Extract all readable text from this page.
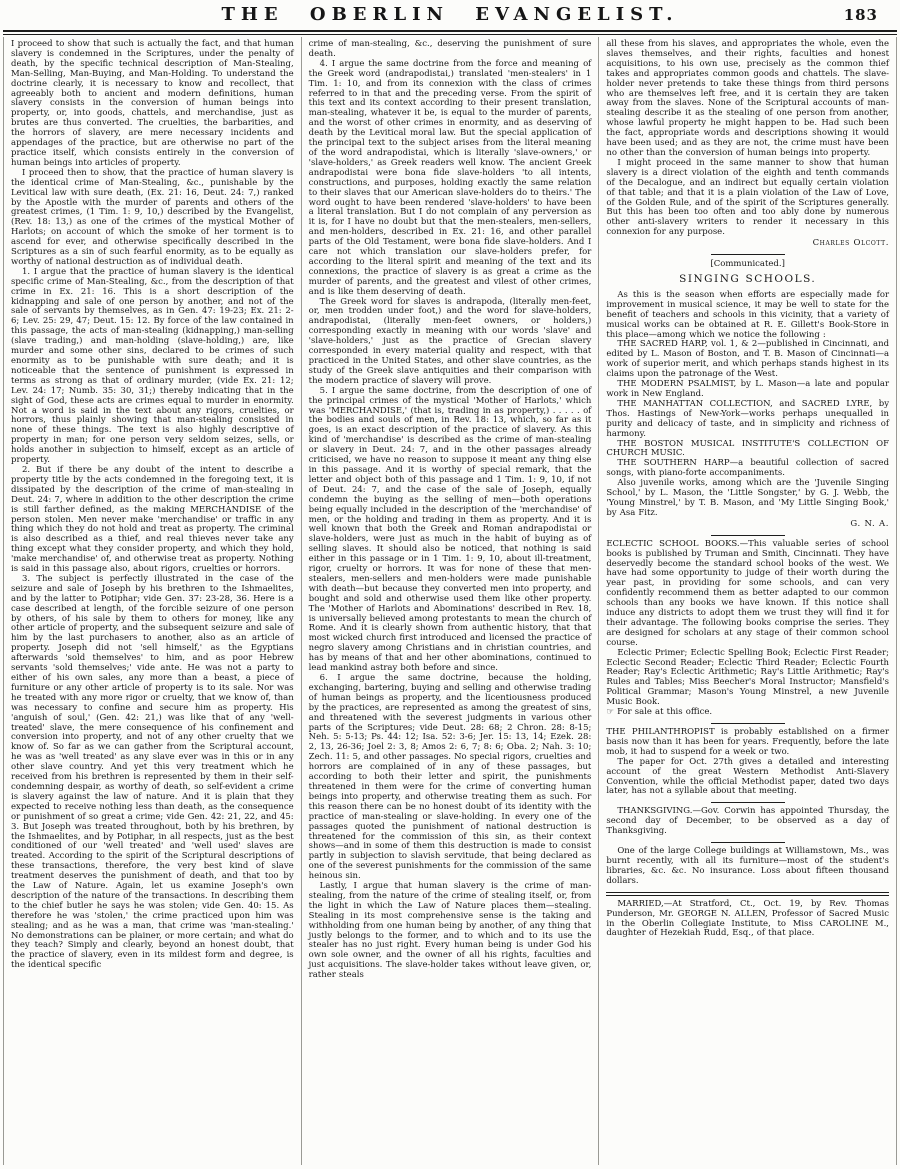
THE OBERLIN EVANGELIST.	183

I proceed to show that such is actually the fact, and that human slavery is condemned in the Scriptures, under the penalty of death, by the specific technical description of Man-Stealing, Man-Selling, Man-Buying, and Man-Holding. To understand the doctrine clearly, it is necessary to know and recollect, that agreeably both to ancient and modern definitions, human slavery consists in the conversion of human beings into property, or, into goods, chattels, and merchandise, just as brutes are thus converted. The cruelties, the barbarities, and the horrors of slavery, are mere necessary incidents and appendages of the practice, but are otherwise no part of the practice itself, which consists entirely in the conversion of human beings into articles of property.

I proceed then to show, that the practice of human slavery is the identical crime of Man-Stealing, &c., punishable by the Levitical law with sure death, (Ex. 21: 16, Deut. 24: 7,) ranked by the Apostle with the murder of parents and others of the greatest crimes, (1 Tim. 1: 9, 10,) described by the Evangelist, (Rev. 18: 13,) as one of the crimes of the mystical Mother of Harlots; on account of which the smoke of her torment is to ascend for ever, and otherwise specifically described in the Scriptures as a sin of such fearful enormity, as to be equally as worthy of national destruction as of individual death.

1. I argue that the practice of human slavery is the identical specific crime of Man-Stealing, &c., from the description of that crime in Ex. 21: 16. This is a short description of the kidnapping and sale of one person by another, and not of the sale of servants by themselves, as in Gen. 47: 19-23; Ex. 21: 2-6; Lev. 25: 29, 47; Deut. 15: 12. By force of the law contained in this passage, the acts of man-stealing (kidnapping,) man-selling (slave trading,) and man-holding (slave-holding,) are, like murder and some other sins, declared to be crimes of such enormity as to be punishable with sure death; and it is noticeable that the sentence of punishment is expressed in terms as strong as that of ordinary murder, (vide Ex. 21: 12; Lev. 24: 17; Numb. 35: 30, 31;) thereby indicating that in the sight of God, these acts are crimes equal to murder in enormity. Not a word is said in the text about any rigors, cruelties, or horrors, thus plainly showing that man-stealing consisted in none of these things. The text is also highly descriptive of property in man; for one person very seldom seizes, sells, or holds another in subjection to himself, except as an article of property.

2. But if there be any doubt of the intent to describe a property title by the acts condemned in the foregoing text, it is dissipated by the description of the crime of man-stealing in Deut. 24: 7, where in addition to the other description the crime is still farther defined, as the making MERCHANDISE of the person stolen. Men never make 'merchandise' or traffic in any thing which they do not hold and treat as property. The criminal is also described as a thief, and real thieves never take any thing except what they consider property, and which they hold, 'make merchandise' of, and otherwise treat as property. Nothing is said in this passage also, about rigors, cruelties or horrors.

3. The subject is perfectly illustrated in the case of the seizure and sale of Joseph by his brethren to the Ishmaelites, and by the latter to Potiphar; vide Gen. 37: 23-28, 36. Here is a case described at length, of the forcible seizure of one person by others, of his sale by them to others for money, like any other article of property, and the subsequent seizure and sale of him by the last purchasers to another, also as an article of property. Joseph did not 'sell himself,' as the Egyptians afterwards 'sold themselves' to him, and as poor Hebrew servants 'sold themselves;' vide ante. He was not a party to either of his own sales, any more than a beast, a piece of furniture or any other article of property is to its sale. Nor was he treated with any more rigor or cruelty, that we know of, than was necessary to confine and secure him as property. His 'anguish of soul,' (Gen. 42: 21,) was like that of any 'well-treated' slave, the mere consequence of his confinement and conversion into property, and not of any other cruelty that we know of. So far as we can gather from the Scriptural account, he was as 'well treated' as any slave ever was in this or in any other slave country. And yet this very treatment which he received from his brethren is represented by them in their self-condemning despair, as worthy of death, so self-evident a crime is slavery against the law of nature. And it is plain that they expected to receive nothing less than death, as the consequence or punishment of so great a crime; vide Gen. 42: 21, 22, and 45: 3. But Joseph was treated throughout, both by his brethren, by the Ishmaelites, and by Potiphar, in all respects, just as the best conditioned of our 'well treated' and 'well used' slaves are treated. According to the spirit of the Scriptural descriptions of these transactions, therefore, the very best kind of slave treatment deserves the punishment of death, and that too by the Law of Nature. Again, let us examine Joseph's own description of the nature of the transactions. In describing them to the chief butler he says he was stolen; vide Gen. 40: 15. As therefore he was 'stolen,' the crime practiced upon him was stealing; and as he was a man, that crime was 'man-stealing.' No demonstrations can be plainer, or more certain; and what do they teach? Simply and clearly, beyond an honest doubt, that the practice of slavery, even in its mildest form and degree, is the identical specific

crime of man-stealing, &c., deserving the punishment of sure death.

4. I argue the same doctrine from the force and meaning of the Greek word (andrapodistai,) translated 'men-stealers' in 1 Tim. 1: 10, and from its connexion with the class of crimes referred to in that and the preceding verse. From the spirit of this text and its context according to their present translation, man-stealing, whatever it be, is equal to the murder of parents, and the worst of other crimes in enormity, and as deserving of death by the Levitical moral law. But the special application of the principal text to the subject arises from the literal meaning of the word andrapodistai, which is literally 'slave-owners,' or 'slave-holders,' as Greek readers well know. The ancient Greek andrapodistai were bona fide slave-holders 'to all intents, constructions, and purposes, holding exactly the same relation to their slaves that our American slave-holders do to theirs.' The word ought to have been rendered 'slave-holders' to have been a literal translation. But I do not complain of any perversion as it is, for I have no doubt but that the men-stealers, men-sellers, and men-holders, described in Ex. 21: 16, and other parallel parts of the Old Testament, were bona fide slave-holders. And I care not which translation our slave-holders prefer, for according to the literal spirit and meaning of the text and its connexions, the practice of slavery is as great a crime as the murder of parents, and the greatest and vilest of other crimes, and is like them deserving of death.

The Greek word for slaves is andrapoda, (literally men-feet, or, men trodden under foot,) and the word for slave-holders, andrapodistai, (literally men-feet owners, or holders,) corresponding exactly in meaning with our words 'slave' and 'slave-holders,' just as the practice of Grecian slavery corresponded in every material quality and respect, with that practiced in the United States, and other slave countries, as the study of the Greek slave antiquities and their comparison with the modern practice of slavery will prove.

5. I argue the same doctrine, from the description of one of the principal crimes of the mystical 'Mother of Harlots,' which was 'MERCHANDISE,' (that is, trading in as property,) . . . . . of the bodies and souls of men, in Rev. 18: 13, which, so far as it goes, is an exact description of the practice of slavery. As this kind of 'merchandise' is described as the crime of man-stealing or slavery in Deut. 24: 7, and in the other passages already criticised, we have no reason to suppose it meant any thing else in this passage. And it is worthy of special remark, that the letter and object both of this passage and 1 Tim. 1: 9, 10, if not of Deut. 24: 7, and the case of the sale of Joseph, equally condemn the buying as the selling of men—both operations being equally included in the description of the 'merchandise' of men, or the holding and trading in them as property. And it is well known that both the Greek and Roman andrapodistai or slave-holders, were just as much in the habit of buying as of selling slaves. It should also be noticed, that nothing is said either in this passage or in 1 Tim. 1: 9, 10, about ill-treatment, rigor, cruelty or horrors. It was for none of these that men-stealers, men-sellers and men-holders were made punishable with death—but because they converted men into property, and bought and sold and otherwise used them like other property. The 'Mother of Harlots and Abominations' described in Rev. 18, is universally believed among protestants to mean the church of Rome. And it is clearly shown from authentic history, that that most wicked church first introduced and licensed the practice of negro slavery among Christians and in christian countries, and has by means of that and her other abominations, continued to lead mankind astray both before and since.

6. I argue the same doctrine, because the holding, exchanging, bartering, buying and selling and otherwise trading of human beings as property, and the licentiousness produced by the practices, are represented as among the greatest of sins, and threatened with the severest judgments in various other parts of the Scriptures; vide Deut. 28: 68; 2 Chron. 28: 8-15; Neh. 5: 5-13; Ps. 44: 12; Isa. 52: 3-6; Jer. 15: 13, 14; Ezek. 28: 2, 13, 26-36; Joel 2: 3, 8; Amos 2: 6, 7; 8: 6; Oba. 2; Nah. 3: 10; Zech. 11: 5, and other passages. No special rigors, cruelties and horrors are complained of in any of these passages, but according to both their letter and spirit, the punishments threatened in them were for the crime of converting human beings into property, and otherwise treating them as such. For this reason there can be no honest doubt of its identity with the practice of man-stealing or slave-holding. In every one of the passages quoted the punishment of national destruction is threatened for the commission of this sin, as their context shows—and in some of them this destruction is made to consist partly in subjection to slavish servitude, that being declared as one of the severest punishments for the commission of the same heinous sin.

Lastly, I argue that human slavery is the crime of man-stealing, from the nature of the crime of stealing itself, or, from the light in which the Law of Nature places them—stealing. Stealing in its most comprehensive sense is the taking and withholding from one human being by another, of any thing that justly belongs to the former, and to which and to its use the stealer has no just right. Every human being is under God his own sole owner, and the owner of all his rights, faculties and just acquisitions. The slave-holder takes without leave given, or, rather steals

all these from his slaves, and appropriates the whole, even the slaves themselves, and their rights, faculties and honest acquisitions, to his own use, precisely as the common thief takes and appropriates common goods and chattels. The slave-holder never pretends to take these things from third persons who are themselves left free, and it is certain they are taken away from the slaves. None of the Scriptural accounts of man-stealing describe it as the stealing of one person from another, whose lawful property he might happen to be. Had such been the fact, appropriate words and descriptions showing it would have been used; and as they are not, the crime must have been no other than the conversion of human beings into property.

I might proceed in the same manner to show that human slavery is a direct violation of the eighth and tenth commands of the Decalogue, and an indirect but equally certain violation of that table; and that it is a plain violation of the Law of Love, of the Golden Rule, and of the spirit of the Scriptures generally. But this has been too often and too ably done by numerous other anti-slavery writers to render it necessary in this connexion for any purpose.

Charles Olcott.

[Communicated.]

SINGING SCHOOLS.

As this is the season when efforts are especially made for improvement in musical science, it may be well to state for the benefit of teachers and schools in this vicinity, that a variety of musical works can be obtained at R. E. Gillett's Book-Store in this place—among which we notice the following :

THE SACRED HARP, vol. 1, & 2—published in Cincinnati, and edited by L. Mason of Boston, and T. B. Mason of Cincinnati—a work of superior merit, and which perhaps stands highest in its claims upon the patronage of the West.

THE MODERN PSALMIST, by L. Mason—a late and popular work in New England.

THE MANHATTAN COLLECTION, and SACRED LYRE, by Thos. Hastings of New-York—works perhaps unequalled in purity and delicacy of taste, and in simplicity and richness of harmony.

THE BOSTON MUSICAL INSTITUTE'S COLLECTION OF CHURCH MUSIC.

THE SOUTHERN HARP—a beautiful collection of sacred songs, with piano-forte accompaniments.

Also juvenile works, among which are the 'Juvenile Singing School,' by L. Mason, the 'Little Songster,' by G. J. Webb, the 'Young Minstrel,' by T. B. Mason, and 'My Little Singing Book,' by Asa Fitz.

G. N. A.

ECLECTIC SCHOOL BOOKS.—This valuable series of school books is published by Truman and Smith, Cincinnati. They have deservedly become the standard school books of the west. We have had some opportunity to judge of their worth during the year past, in providing for some schools, and can very confidently recommend them as better adapted to our common schools than any books we have known. If this notice shall induce any districts to adopt them we trust they will find it for their advantage. The following books comprise the series. They are designed for scholars at any stage of their common school course.

Eclectic Primer; Eclectic Spelling Book; Eclectic First Reader; Eclectic Second Reader; Eclectic Third Reader; Eclectic Fourth Reader; Ray's Eclectic Arithmetic; Ray's Little Arithmetic; Ray's Rules and Tables; Miss Beecher's Moral Instructor; Mansfield's Political Grammar; Mason's Young Minstrel, a new Juvenile Music Book.

☞ For sale at this office.

THE PHILANTHROPIST is probably established on a firmer basis now than it has been for years. Frequently, before the late mob, it had to suspend for a week or two.

The paper for Oct. 27th gives a detailed and interesting account of the great Western Methodist Anti-Slavery Convention, while the official Methodist paper, dated two days later, has not a syllable about that meeting.

THANKSGIVING.—Gov. Corwin has appointed Thursday, the second day of December, to be observed as a day of Thanksgiving.

One of the large College buildings at Williamstown, Ms., was burnt recently, with all its furniture—most of the student's libraries, &c. &c. No insurance. Loss about fifteen thousand dollars.

MARRIED,—At Stratford, Ct., Oct. 19, by Rev. Thomas Punderson, Mr. GEORGE N. ALLEN, Professor of Sacred Music in the Oberlin Collegiate Institute, to Miss CAROLINE M., daughter of Hezekiah Rudd, Esq., of that place.
